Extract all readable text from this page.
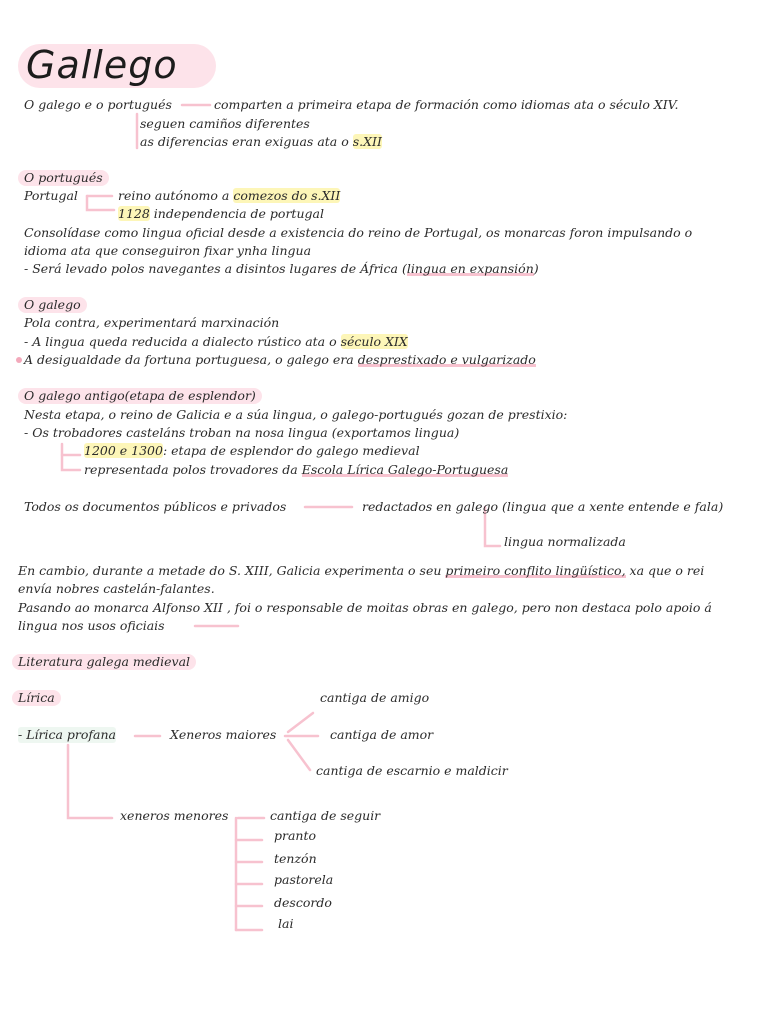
Gallego
O galego e o portugués	comparten a primeira etapa de formación como idiomas ata o século XIV.
seguen camiños diferentes
as diferencias eran exiguas ata o s.XII
O portugués
Portugal	reino autónomo a comezos do s.XII
1128 independencia de portugal
Consolídase como lingua oficial desde a existencia do reino de Portugal, os monarcas foron impulsando o
idioma ata que conseguiron fixar ynha lingua
- Será levado polos navegantes a disintos lugares de África (lingua en expansión)
O galego
Pola contra, experimentará marxinación
- A lingua queda reducida a dialecto rústico ata o século XIX
A desigualdade da fortuna portuguesa, o galego era desprestixado e vulgarizado
O galego antigo(etapa de esplendor)
Nesta etapa, o reino de Galicia e a súa lingua, o galego-portugués gozan de prestixio:
- Os trobadores casteláns troban na nosa lingua (exportamos lingua)
1200 e 1300: etapa de esplendor do galego medieval
representada polos trovadores da Escola Lírica Galego-Portuguesa
Todos os documentos públicos e privados	redactados en galego (lingua que a xente entende e fala)
lingua normalizada
En cambio, durante a metade do S. XIII, Galicia experimenta o seu primeiro conflito lingüístico, xa que o rei
envía nobres castelán-falantes.
Pasando ao monarca Alfonso XII , foi o responsable de moitas obras en galego, pero non destaca polo apoio á
lingua nos usos oficiais
Literatura galega medieval
Lírica
- Lírica profana	Xeneros maiores
cantiga de amigo
cantiga de amor
cantiga de escarnio e maldicir
xeneros menores	cantiga de seguir
pranto
tenzón
pastorela
descordo
lai
